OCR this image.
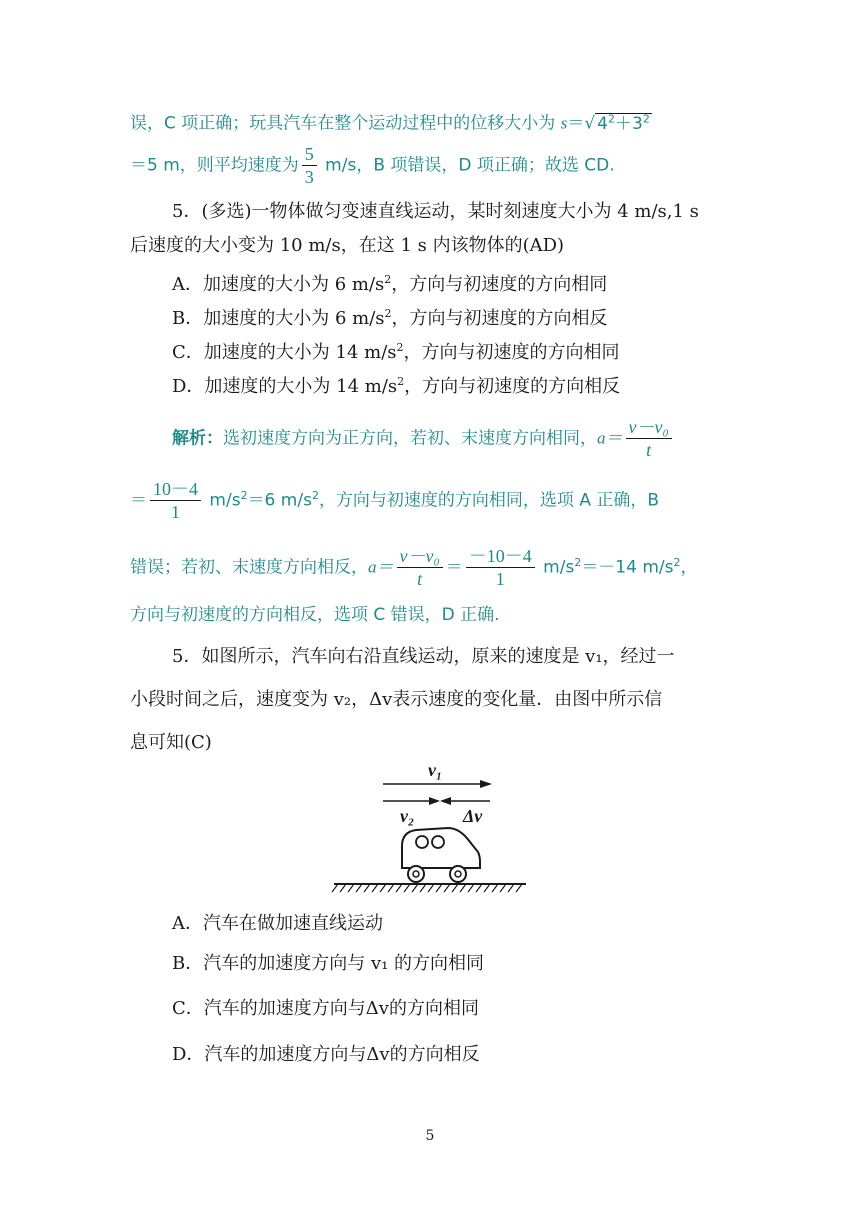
误，C 项正确；玩具汽车在整个运动过程中的位移大小为 s＝√ $4^2+3^2$
＝5 m，则平均速度为 $\frac{5}{3} m/s$，B 项错误，D 项正确；故选 CD.
5．(多选)一物体做匀变速直线运动，某时刻速度大小为 4 m/s,1 s
后速度的大小变为 10 m/s，在这 1 s 内该物体的(AD)
A．加速度的大小为 6 $m/s^2$，方向与初速度的方向相同
B．加速度的大小为 6 $m/s^2$，方向与初速度的方向相反
C．加速度的大小为 14 $m/s^2$，方向与初速度的方向相同
D．加速度的大小为 14 $m/s^2$，方向与初速度的方向相反
解析：选初速度方向为正方向，若初、末速度方向相同，$a= \frac{\text{v－v₀}}{t}$
＝ $\frac{10-4}{1} m/s^2=6$ $m/s^2$，方向与初速度的方向相同，选项 A 正确，B
错误；若初、末速度方向相反，$a= \frac{\text{v－v₀}}{t} = \frac{-10-4}{1} m/s^2=-14$ $m/s^2$，
方向与初速度的方向相反，选项 C 错误，D 正确.
5．如图所示，汽车向右沿直线运动，原来的速度是 v₁，经过一
小段时间之后，速度变为 v₂，Δv表示速度的变化量．由图中所示信
息可知(C)
v₁
v₂	Δv
A．汽车在做加速直线运动
B．汽车的加速度方向与 v₁ 的方向相同
C．汽车的加速度方向与Δv的方向相同
D．汽车的加速度方向与Δv的方向相反
5
